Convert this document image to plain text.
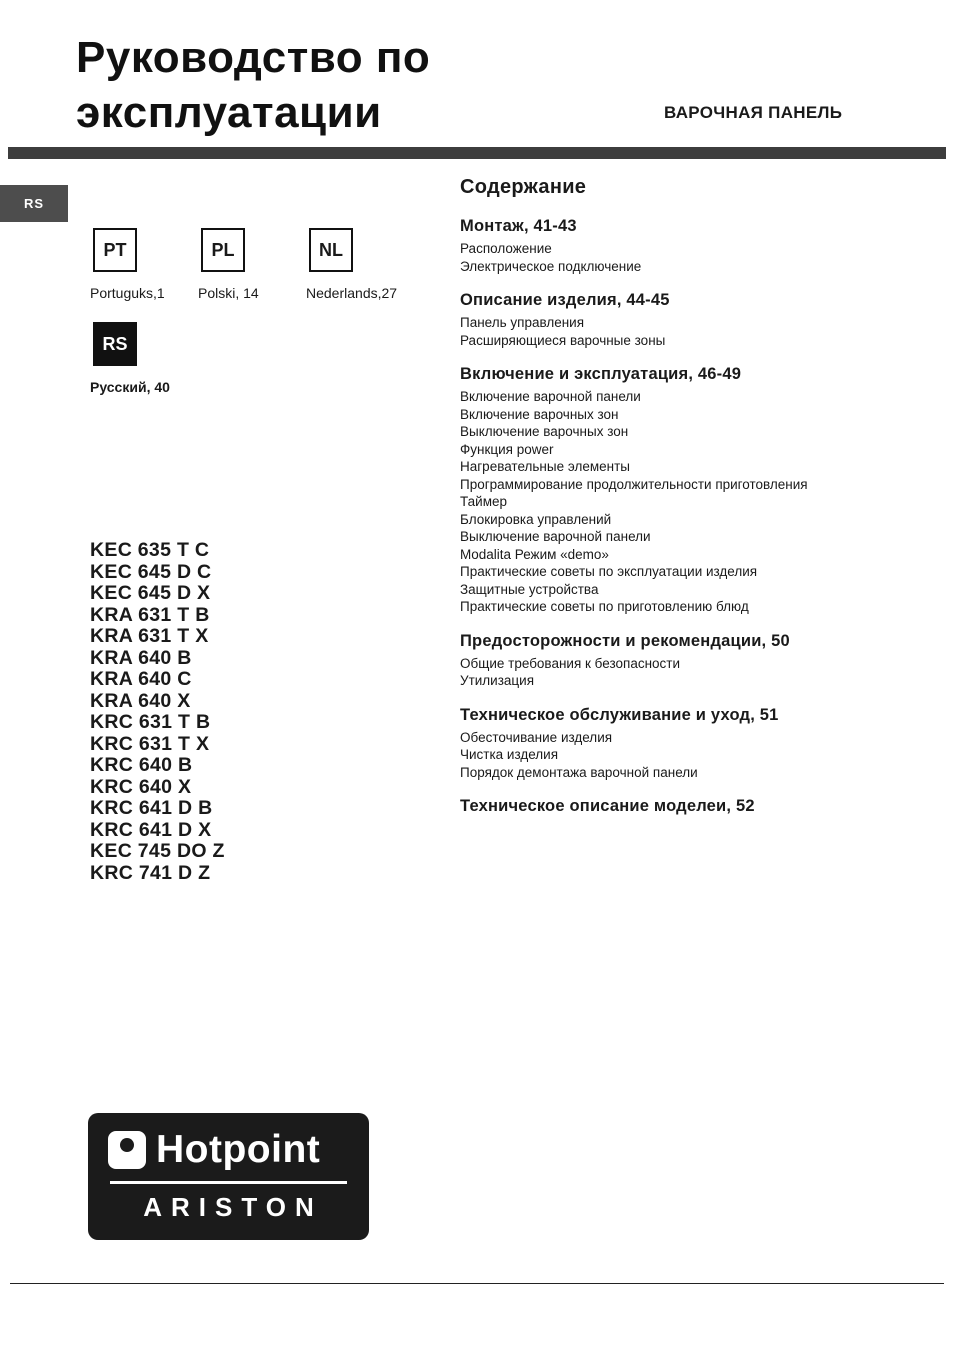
Руководство по
эксплуатации	ВАРОЧНАЯ ПАНЕЛЬ
RS
PT
Portuguks,1
PL
Polski, 14
NL
Nederlands,27
RS
Русский, 40
KEC 635 T C
KEC 645 D C
KEC 645 D X
KRA 631 T B
KRA 631 T X
KRA 640 B
KRA 640 C
KRA 640 X
KRC 631 T B
KRC 631 T X
KRC 640 B
KRC 640 X
KRC 641 D B
KRC 641 D X
KEC 745 DO Z
KRC 741 D Z
Содержание
Монтаж, 41-43
Расположение
Электрическое подключение
Описание изделия, 44-45
Панель управления
Расширяющиеся варочные зоны
Включение и эксплуатация, 46-49
Включение варочной панели
Включение варочных зон
Выключение варочных зон
Функция power
Нагревательные элементы
Программирование продолжительности приготовления
Таймер
Блокировка управлений
Выключение варочной панели
Modalita Режим «demo»
Практические советы по эксплуатации изделия
Защитные устройства
Практические советы по приготовлению блюд
Предосторожности и рекомендации, 50
Общие требования к безопасности
Утилизация
Техническое обслуживание и уход, 51
Обесточивание изделия
Чистка изделия
Порядок демонтажа варочной панели
Техническое описание моделеи, 52
Hotpoint
ARISTON
